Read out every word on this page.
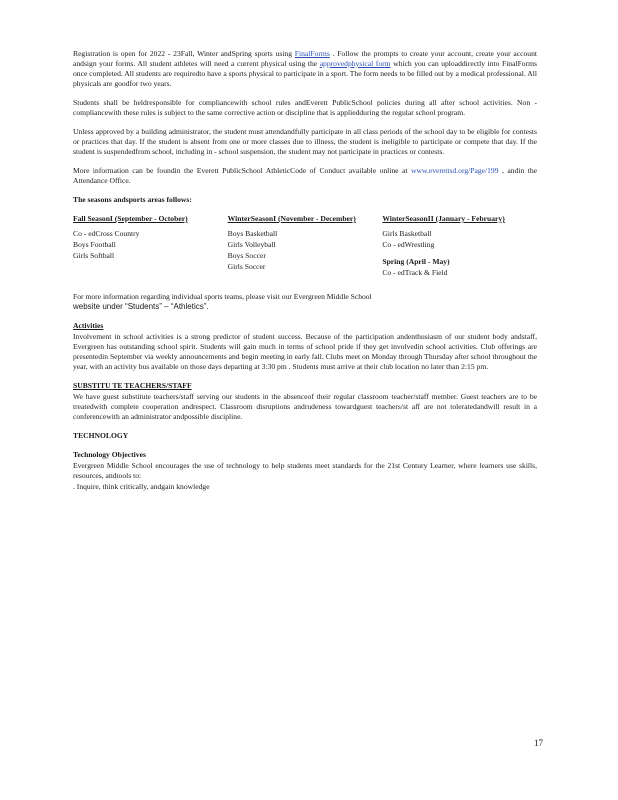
Registration is open for 2022 - 23Fall, Winter andSpring sports using FinalForms . Follow the prompts to create your account, create your account andsign your forms. All student athletes will need a current physical using the approvedphysical form which you can uploaddirectly into FinalForms once completed. All students are requiredto have a sports physical to participate in a sport. The form needs to be filled out by a medical professional. All physicals are goodfor two years.

Students shall be heldresponsible for compliancewith school rules andEverett PublicSchool policies during all after school activities. Non - compliancewith these rules is subject to the same corrective action or discipline that is appliedduring the regular school program.

Unless approved by a building administrator, the student must attendandfully participate in all class periods of the school day to be eligible for contests or practices that day. If the student is absent from one or more classes due to illness, the student is ineligible to participate or compete that day. If the student is suspendedfrom school, including in - school suspension, the student may not participate in practices or contests.

More information can be foundin the Everett PublicSchool AthleticCode of Conduct available online at www.everettsd.org/Page/199 , andin the Attendance Office.

The seasons andsports areas follows:

Fall SeasonI (September - October)
Co - edCross Country
Boys Football
Girls Softball
WinterSeasonI (November - December)
Boys Basketball
Girls Volleyball
Boys Soccer
Girls Soccer
WinterSeasonII (January - February)
Girls Basketball
Co - edWrestling
Spring (April - May)
Co - edTrack & Field

For more information regarding individual sports teams, please visit our Evergreen Middle School
website under “Students” – “Athletics”.

Activities

Involvement in school activities is a strong predictor of student success. Because of the participation andenthusiasm of our student body andstaff, Evergreen has outstanding school spirit. Students will gain much in terms of school pride if they get involvedin school activities. Club offerings are presentedin September via weekly announcements and begin meeting in early fall. Clubs meet on Monday through Thursday after school throughout the year, with an activity bus available on those days departing at 3:30 pm . Students must arrive at their club location no later than 2:15 pm.

SUBSTITU TE TEACHERS/STAFF

We have guest substitute teachers/staff serving our students in the absenceof their regular classroom teacher/staff member. Guest teachers are to be treatedwith complete cooperation andrespect. Classroom disruptions andrudeness towardguest teachers/st aff are not toleratedandwill result in a conferencewith an administrator andpossible discipline.

TECHNOLOGY

Technology Objectives

Evergreen Middle School encourages the use of technology to help students meet standards for the 21st Century Learner, where learners use skills, resources, andtools to:

. Inquire, think critically, andgain knowledge
17
